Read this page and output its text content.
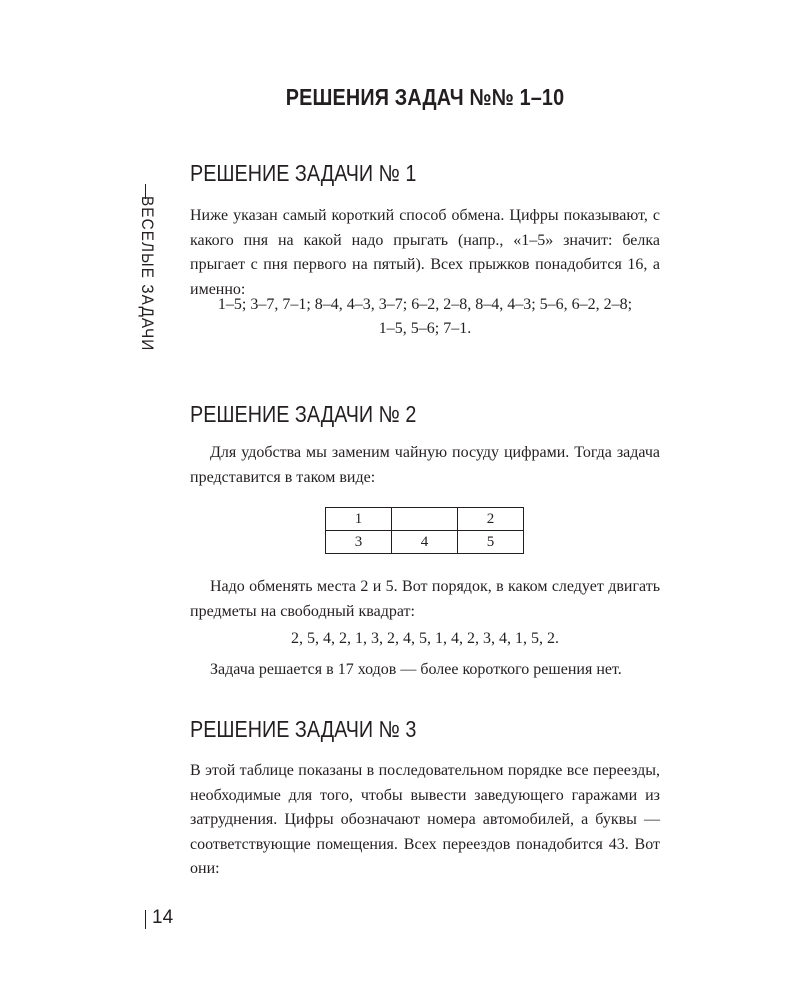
РЕШЕНИЯ ЗАДАЧ №№ 1–10
ВЕСЕЛЫЕ ЗАДАЧИ
РЕШЕНИЕ ЗАДАЧИ № 1

Ниже указан самый короткий способ обмена. Цифры показывают, с какого пня на какой надо прыгать (напр., «1–5» значит: белка прыгает с пня первого на пятый). Всех прыжков понадобится 16, а именно:

1–5; 3–7, 7–1; 8–4, 4–3, 3–7; 6–2, 2–8, 8–4, 4–3; 5–6, 6–2, 2–8;

1–5, 5–6; 7–1.

РЕШЕНИЕ ЗАДАЧИ № 2

Для удобства мы заменим чайную посуду цифрами. Тогда задача представится в таком виде:

1		2
3	4	5

Надо обменять места 2 и 5. Вот порядок, в каком следует двигать предметы на свободный квадрат:

2, 5, 4, 2, 1, 3, 2, 4, 5, 1, 4, 2, 3, 4, 1, 5, 2.

Задача решается в 17 ходов — более короткого решения нет.

РЕШЕНИЕ ЗАДАЧИ № 3

В этой таблице показаны в последовательном порядке все переезды, необходимые для того, чтобы вывести заведующего гаражами из затруднения. Цифры обозначают номера автомобилей, а буквы — соответствующие помещения. Всех переездов понадобится 43. Вот они:

14
